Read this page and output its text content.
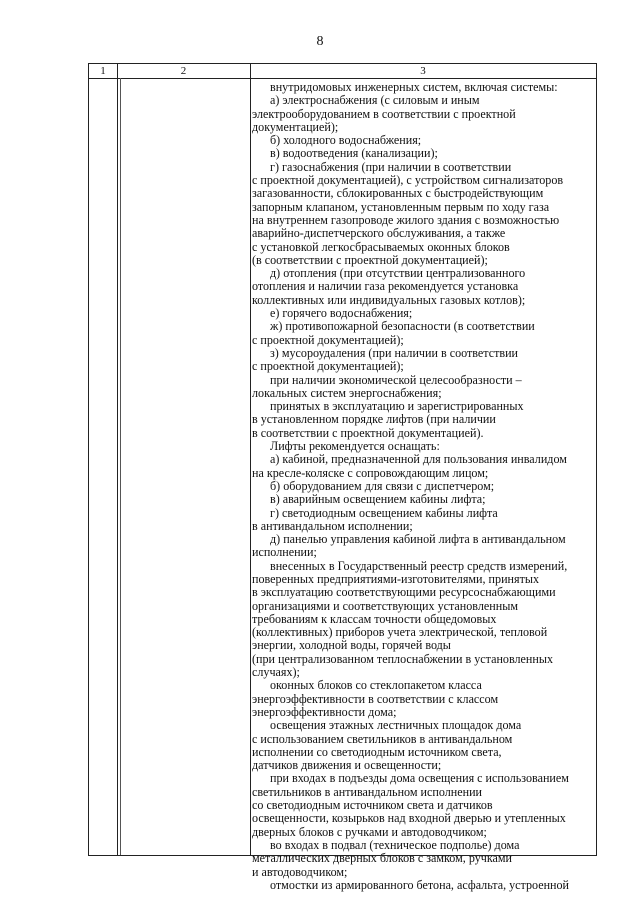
8
1	2	3

внутридомовых инженерных систем, включая системы:

а) электроснабжения (с силовым и иным

электрооборудованием в соответствии с проектной

документацией);

б) холодного водоснабжения;

в) водоотведения (канализации);

г) газоснабжения (при наличии в соответствии

с проектной документацией), с устройством сигнализаторов

загазованности, сблокированных с быстродействующим

запорным клапаном, установленным первым по ходу газа

на внутреннем газопроводе жилого здания с возможностью

аварийно-диспетчерского обслуживания, а также

с установкой легкосбрасываемых оконных блоков

(в соответствии с проектной документацией);

д) отопления (при отсутствии централизованного

отопления и наличии газа рекомендуется установка

коллективных или индивидуальных газовых котлов);

е) горячего водоснабжения;

ж) противопожарной безопасности (в соответствии

с проектной документацией);

з) мусороудаления (при наличии в соответствии

с проектной документацией);

при наличии экономической целесообразности –

локальных систем энергоснабжения;

принятых в эксплуатацию и зарегистрированных

в установленном порядке лифтов (при наличии

в соответствии с проектной документацией).

Лифты рекомендуется оснащать:

а) кабиной, предназначенной для пользования инвалидом

на кресле-коляске с сопровождающим лицом;

б) оборудованием для связи с диспетчером;

в) аварийным освещением кабины лифта;

г) светодиодным освещением кабины лифта

в антивандальном исполнении;

д) панелью управления кабиной лифта в антивандальном

исполнении;

внесенных в Государственный реестр средств измерений,

поверенных предприятиями-изготовителями, принятых

в эксплуатацию соответствующими ресурсоснабжающими

организациями и соответствующих установленным

требованиям к классам точности общедомовых

(коллективных) приборов учета электрической, тепловой

энергии, холодной воды, горячей воды

(при централизованном теплоснабжении в установленных

случаях);

оконных блоков со стеклопакетом класса

энергоэффективности в соответствии с классом

энергоэффективности дома;

освещения этажных лестничных площадок дома

с использованием светильников в антивандальном

исполнении со светодиодным источником света,

датчиков движения и освещенности;

при входах в подъезды дома освещения с использованием

светильников в антивандальном исполнении

со светодиодным источником света и датчиков

освещенности, козырьков над входной дверью и утепленных

дверных блоков с ручками и автодоводчиком;

во входах в подвал (техническое подполье) дома

металлических дверных блоков с замком, ручками

и автодоводчиком;

отмостки из армированного бетона, асфальта, устроенной
